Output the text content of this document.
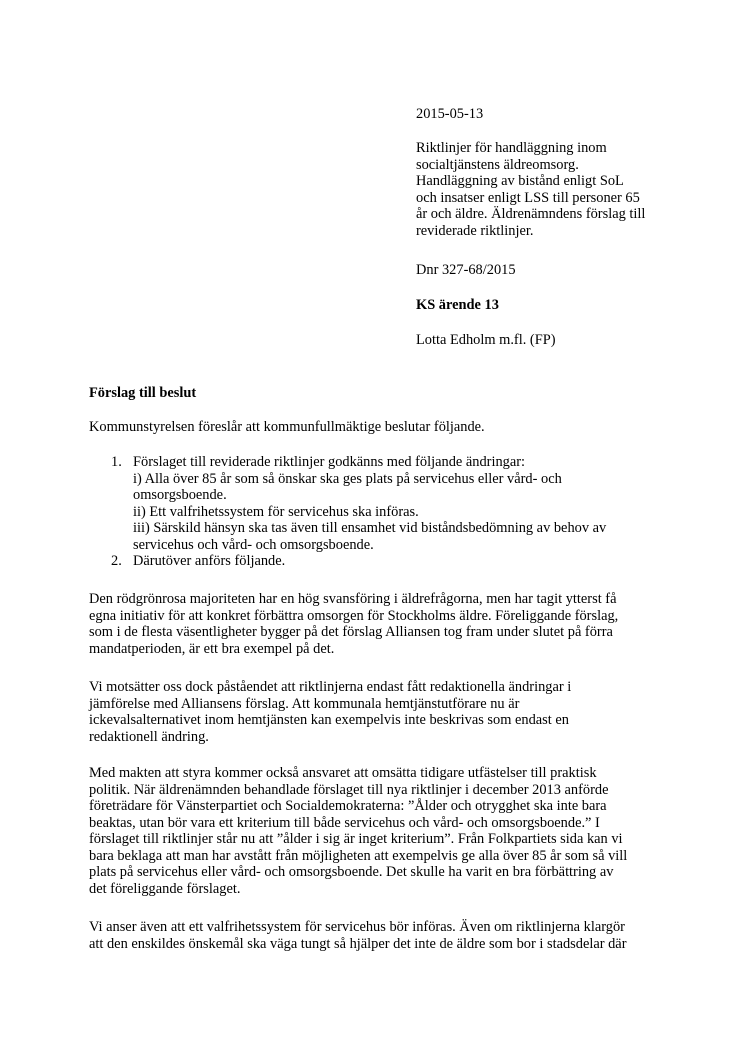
2015-05-13

Riktlinjer för handläggning inom

socialtjänstens äldreomsorg.

Handläggning av bistånd enligt SoL

och insatser enligt LSS till personer 65

år och äldre. Äldrenämndens förslag till

reviderade riktlinjer.

Dnr 327-68/2015
KS ärende 13
Lotta Edholm m.fl. (FP)
Förslag till beslut
Kommunstyrelsen föreslår att kommunfullmäktige beslutar följande.
1. Förslaget till reviderade riktlinjer godkänns med följande ändringar:

i) Alla över 85 år som så önskar ska ges plats på servicehus eller vård- och

omsorgsboende.

ii) Ett valfrihetssystem för servicehus ska införas.

iii) Särskild hänsyn ska tas även till ensamhet vid biståndsbedömning av behov av

servicehus och vård- och omsorgsboende.

2. Därutöver anförs följande.

Den rödgrönrosa majoriteten har en hög svansföring i äldrefrågorna, men har tagit ytterst få

egna initiativ för att konkret förbättra omsorgen för Stockholms äldre. Föreliggande förslag,

som i de flesta väsentligheter bygger på det förslag Alliansen tog fram under slutet på förra

mandatperioden, är ett bra exempel på det.

Vi motsätter oss dock påståendet att riktlinjerna endast fått redaktionella ändringar i

jämförelse med Alliansens förslag. Att kommunala hemtjänstutförare nu är

ickevalsalternativet inom hemtjänsten kan exempelvis inte beskrivas som endast en

redaktionell ändring.

Med makten att styra kommer också ansvaret att omsätta tidigare utfästelser till praktisk

politik. När äldrenämnden behandlade förslaget till nya riktlinjer i december 2013 anförde

företrädare för Vänsterpartiet och Socialdemokraterna: ”Ålder och otrygghet ska inte bara

beaktas, utan bör vara ett kriterium till både servicehus och vård- och omsorgsboende.” I

förslaget till riktlinjer står nu att ”ålder i sig är inget kriterium”. Från Folkpartiets sida kan vi

bara beklaga att man har avstått från möjligheten att exempelvis ge alla över 85 år som så vill

plats på servicehus eller vård- och omsorgsboende. Det skulle ha varit en bra förbättring av

det föreliggande förslaget.

Vi anser även att ett valfrihetssystem för servicehus bör införas. Även om riktlinjerna klargör

att den enskildes önskemål ska väga tungt så hjälper det inte de äldre som bor i stadsdelar där
